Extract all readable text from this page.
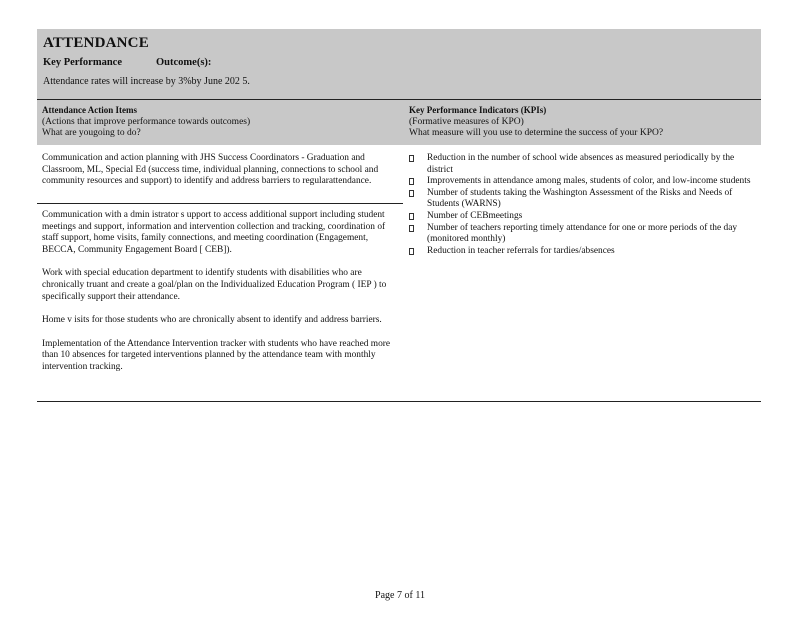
ATTENDANCE
Key Performance	Outcome(s):
Attendance rates will increase by 3%by June 202 5.
Attendance Action Items
(Actions that improve performance towards outcomes)
What are yougoing to do?
Key Performance Indicators (KPIs)
(Formative measures of KPO)
What measure will you use to determine the success of your KPO?

Communication and action planning with JHS Success Coordinators - Graduation and Classroom, ML, Special Ed (success time, individual planning, connections to school and community resources and support) to identify and address barriers to regularattendance.

Communication with a dmin istrator s upport to access additional support including student meetings and support, information and intervention collection and tracking, coordination of staff support, home visits, family connections, and meeting coordination (Engagement, BECCA, Community Engagement Board [ CEB]).

Work with special education department to identify students with disabilities who are chronically truant and create a goal/plan on the Individualized Education Program ( IEP ) to specifically support their attendance.

Home v isits for those students who are chronically absent to identify and address barriers.

Implementation of the Attendance Intervention tracker with students who have reached more than 10 absences for targeted interventions planned by the attendance team with monthly intervention tracking.

Reduction in the number of school wide absences as measured periodically by the district
Improvements in attendance among males, students of color, and low-income students
Number of students taking the Washington Assessment of the Risks and Needs of Students (WARNS)
Number of CEBmeetings
Number of teachers reporting timely attendance for one or more periods of the day (monitored monthly)
Reduction in teacher referrals for tardies/absences
Page 7 of 11
